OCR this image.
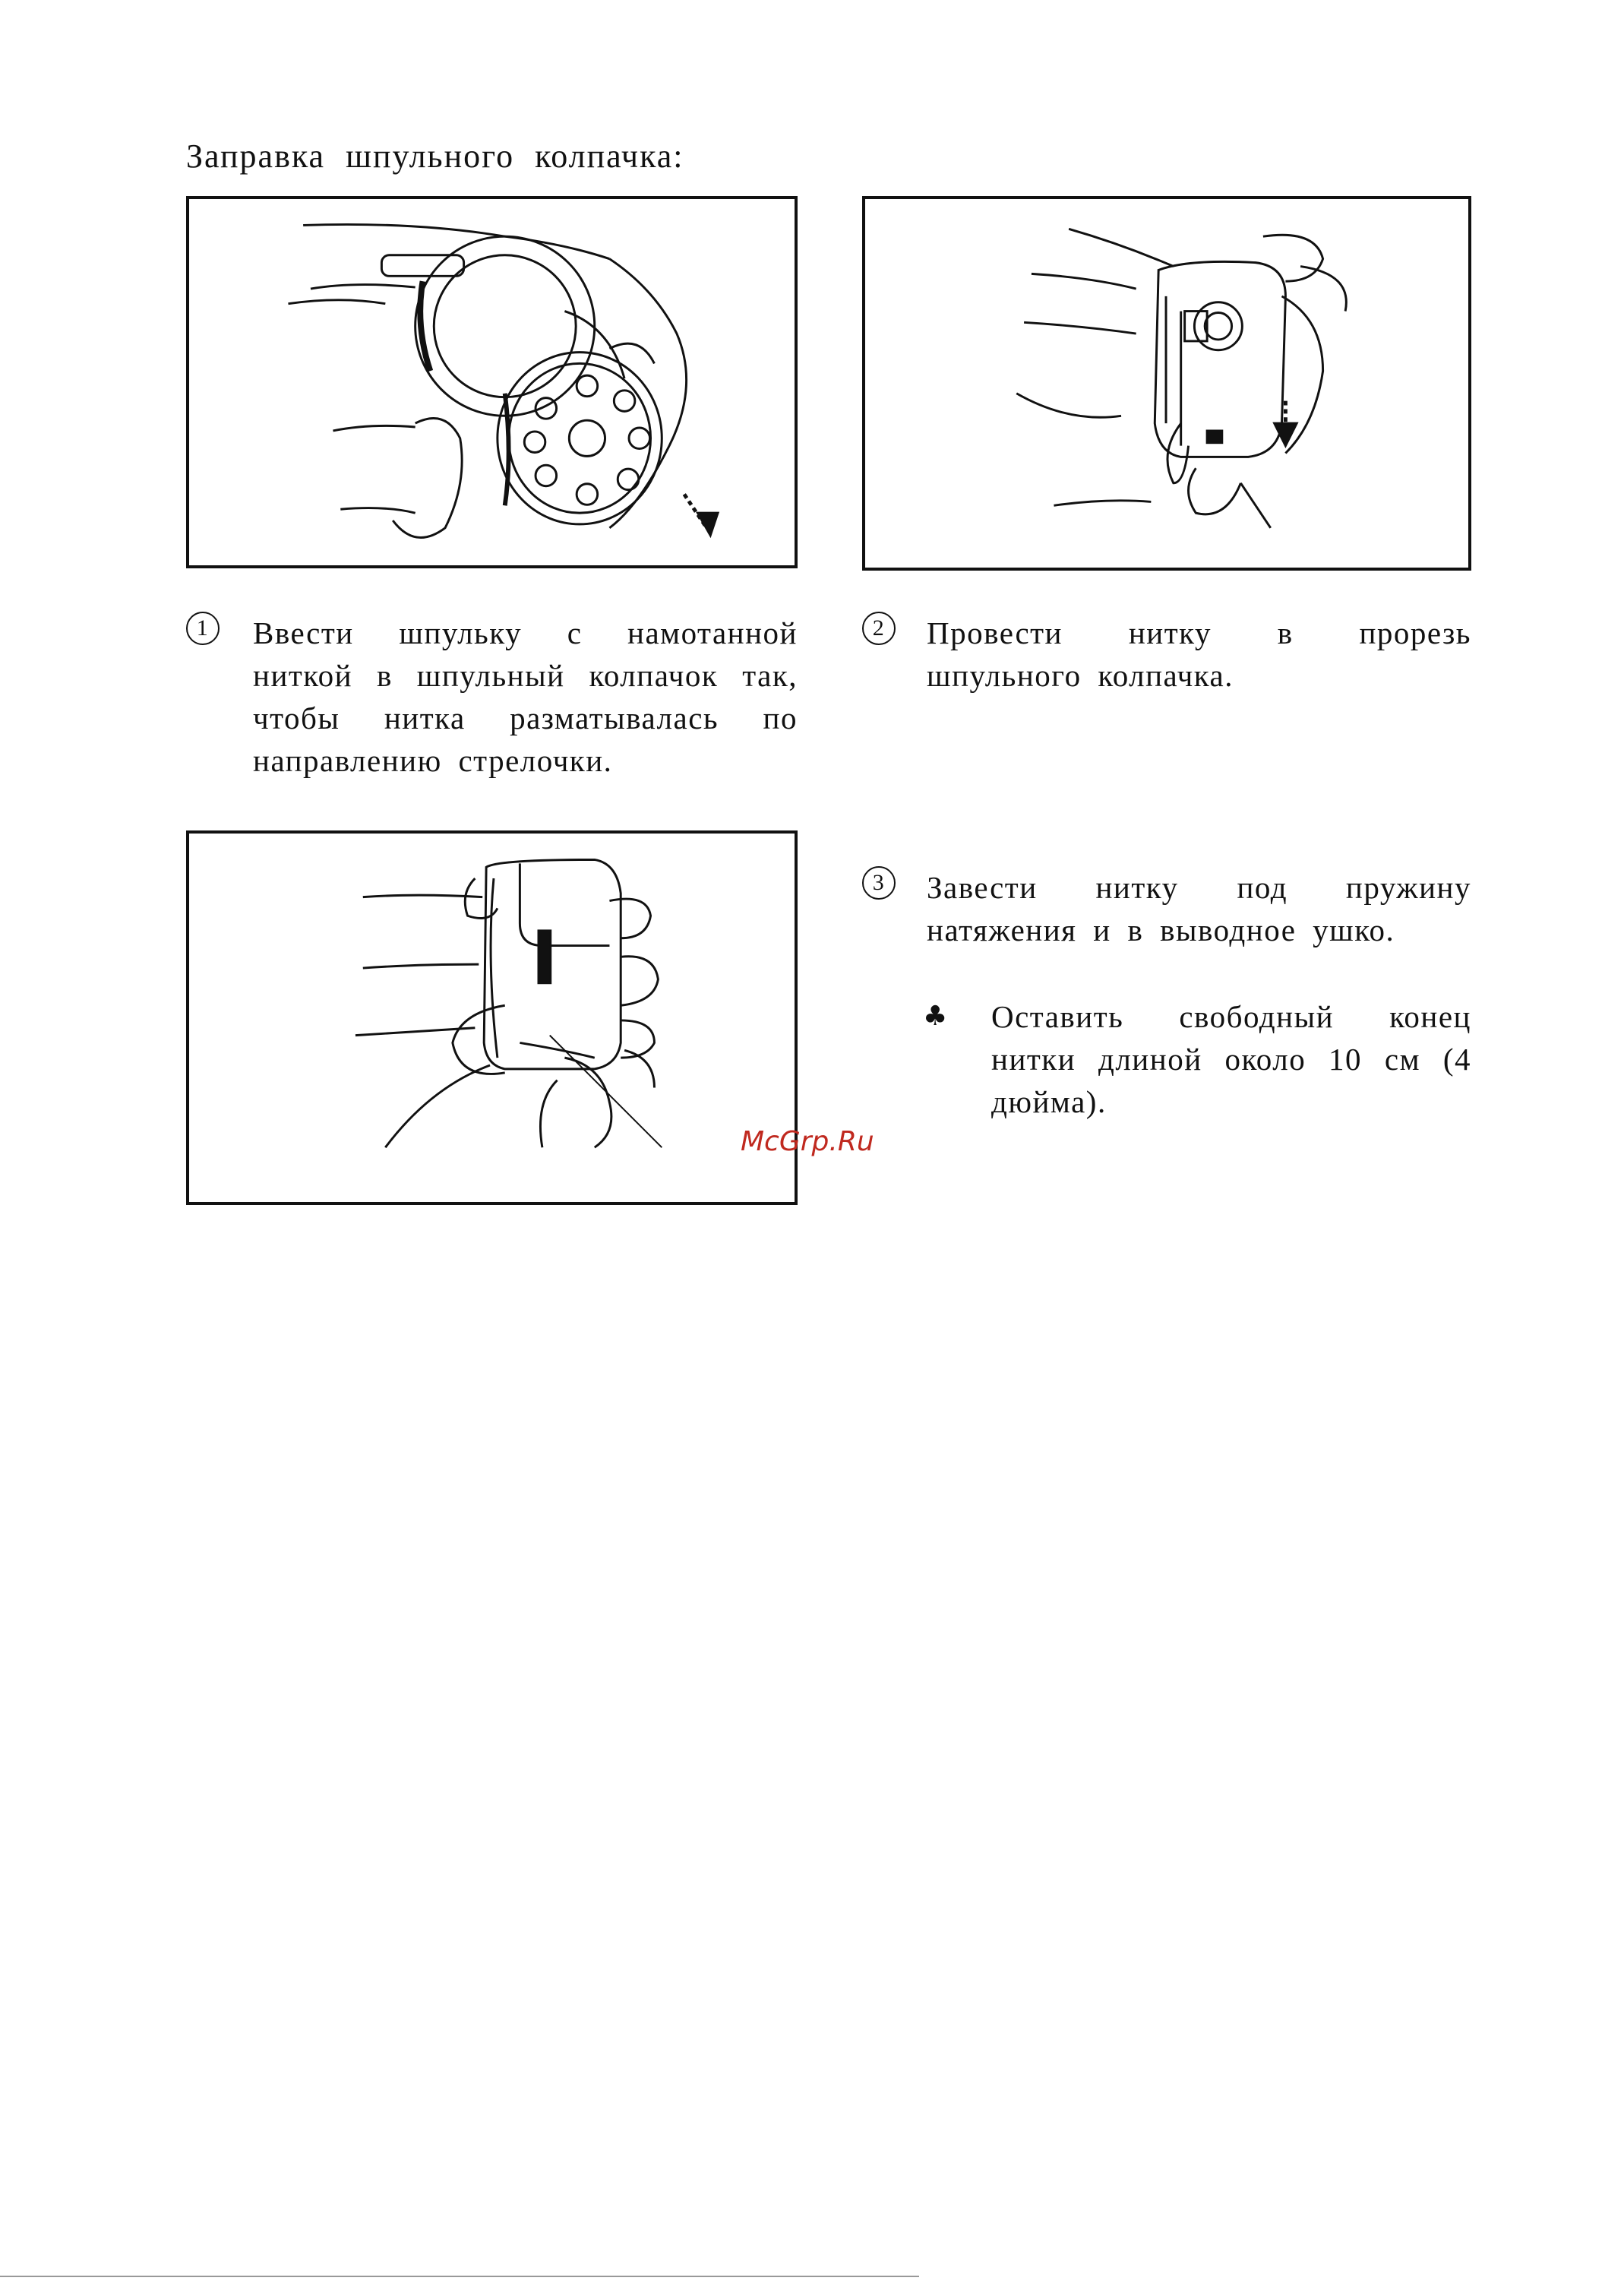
Заправка шпульного колпачка:
1	Ввести шпульку с намотанной ниткой в шпульный колпачок так, чтобы нитка разматывалась по направлению стрелочки.
2	Провести нитку в прорезь шпульного колпачка.
3	Завести нитку под пружину натяжения и в выводное ушко.
♣ Оставить свободный конец нитки длиной около 10 см (4 дюйма).
McGrp.Ru
